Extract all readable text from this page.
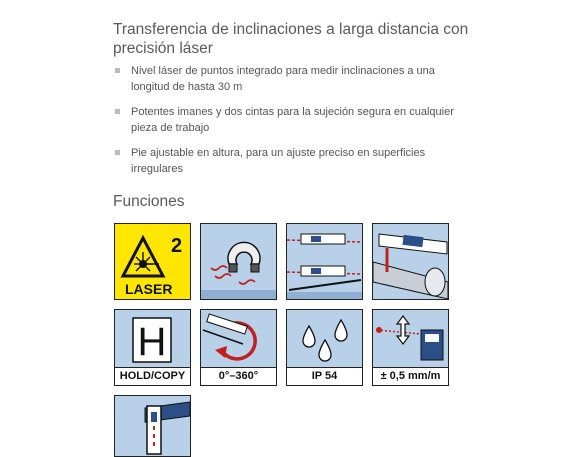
Transferencia de inclinaciones a larga distancia con precisión láser
Nivel láser de puntos integrado para medir inclinaciones a una longitud de hasta 30 m
Potentes imanes y dos cintas para la sujeción segura en cualquier pieza de trabajo
Pie ajustable en altura, para un ajuste preciso en superficies irregulares
Funciones
2
LASER
H
HOLD/COPY	0°–360°	IP 54	± 0,5 mm/m
